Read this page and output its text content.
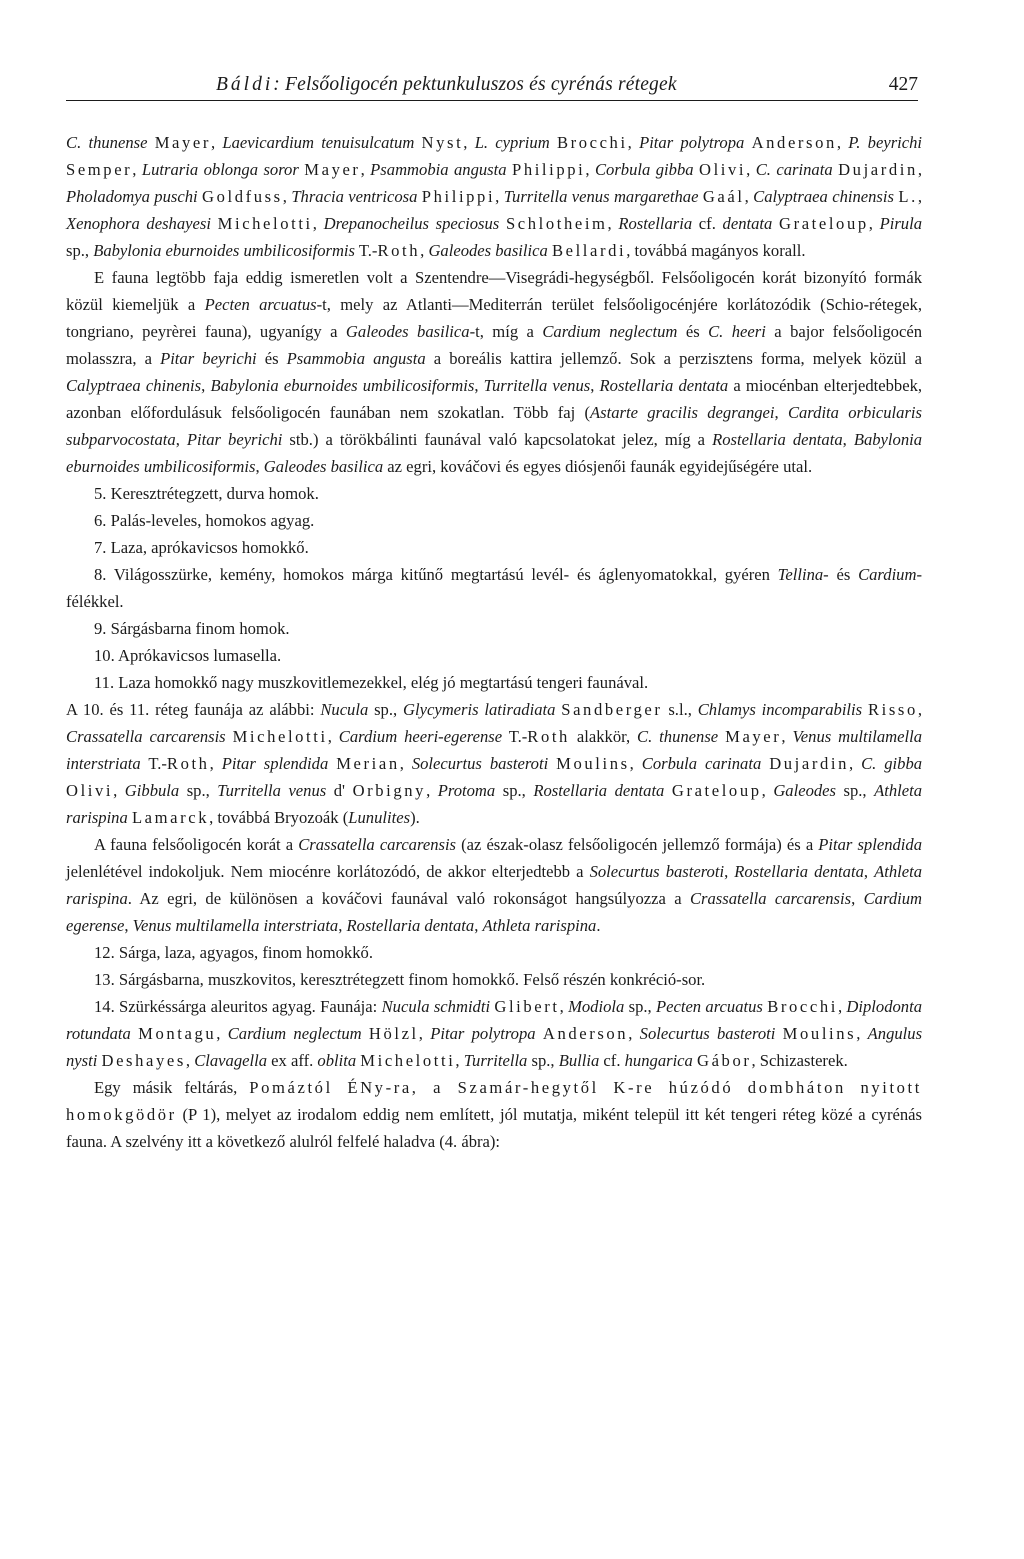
Báldi: Felsőoligocén pektunkuluszos és cyrénás rétegek	427

C. thunense Mayer, Laevicardium tenuisulcatum Nyst, L. cyprium Brocchi, Pitar polytropa Anderson, P. beyrichi Semper, Lutraria oblonga soror Mayer, Psammobia angusta Philippi, Corbula gibba Olivi, C. carinata Dujardin, Pholadomya puschi Goldfuss, Thracia ventricosa Philippi, Turritella venus margarethae Gaál, Calyptraea chinensis L., Xenophora deshayesi Michelotti, Drepanocheilus speciosus Schlotheim, Rostellaria cf. dentata Grateloup, Pirula sp., Babylonia eburnoides umbilicosiformis T.-Roth, Galeodes basilica Bellardi, továbbá magányos korall.

E fauna legtöbb faja eddig ismeretlen volt a Szentendre—Visegrádi-hegységből. Felsőoligocén korát bizonyító formák közül kiemeljük a Pecten arcuatus-t, mely az Atlanti—Mediterrán terület felsőoligocénjére korlátozódik (Schio-rétegek, tongriano, peyrèrei fauna), ugyanígy a Galeodes basilica-t, míg a Cardium neglectum és C. heeri a bajor felsőoligocén molasszra, a Pitar beyrichi és Psammobia angusta a boreális kattira jellemző. Sok a perzisztens forma, melyek közül a Calyptraea chinenis, Babylonia eburnoides umbilicosiformis, Turritella venus, Rostellaria dentata a miocénban elterjedtebbek, azonban előfordulásuk felsőoligocén faunában nem szokatlan. Több faj (Astarte gracilis degrangei, Cardita orbicularis subparvocostata, Pitar beyrichi stb.) a törökbálinti faunával való kapcsolatokat jelez, míg a Rostellaria dentata, Babylonia eburnoides umbilicosiformis, Galeodes basilica az egri, kováčovi és egyes diósjenői faunák egyidejűségére utal.

5. Keresztrétegzett, durva homok.

6. Palás-leveles, homokos agyag.

7. Laza, aprókavicsos homokkő.

8. Világosszürke, kemény, homokos márga kitűnő megtartású levél- és áglenyomatokkal, gyéren Tellina- és Cardium-félékkel.

9. Sárgásbarna finom homok.

10. Aprókavicsos lumasella.

11. Laza homokkő nagy muszkovitlemezekkel, elég jó megtartású tengeri faunával.

A 10. és 11. réteg faunája az alábbi: Nucula sp., Glycymeris latiradiata Sandberger s.l., Chlamys incomparabilis Risso, Crassatella carcarensis Michelotti, Cardium heeri-egerense T.-Roth alakkör, C. thunense Mayer, Venus multilamella interstriata T.-Roth, Pitar splendida Merian, Solecurtus basteroti Moulins, Corbula carinata Dujardin, C. gibba Olivi, Gibbula sp., Turritella venus d' Orbigny, Protoma sp., Rostellaria dentata Grateloup, Galeodes sp., Athleta rarispina Lamarck, továbbá Bryozoák (Lunulites).

A fauna felsőoligocén korát a Crassatella carcarensis (az észak-olasz felsőoligocén jellemző formája) és a Pitar splendida jelenlétével indokoljuk. Nem miocénre korlátozódó, de akkor elterjedtebb a Solecurtus basteroti, Rostellaria dentata, Athleta rarispina. Az egri, de különösen a kováčovi faunával való rokonságot hangsúlyozza a Crassatella carcarensis, Cardium egerense, Venus multilamella interstriata, Rostellaria dentata, Athleta rarispina.

12. Sárga, laza, agyagos, finom homokkő.

13. Sárgásbarna, muszkovitos, keresztrétegzett finom homokkő. Felső részén konkréció-sor.

14. Szürkéssárga aleuritos agyag. Faunája: Nucula schmidti Glibert, Modiola sp., Pecten arcuatus Brocchi, Diplodonta rotundata Montagu, Cardium neglectum Hölzl, Pitar polytropa Anderson, Solecurtus basteroti Moulins, Angulus nysti Deshayes, Clavagella ex aff. oblita Michelotti, Turritella sp., Bullia cf. hungarica Gábor, Schizasterek.

Egy másik feltárás, Pomáztól ÉNy-ra, a Szamár-hegytől K-re húzódó dombháton nyitott homokgödör (P 1), melyet az irodalom eddig nem említett, jól mutatja, miként települ itt két tengeri réteg közé a cyrénás fauna. A szelvény itt a következő alulról felfelé haladva (4. ábra):
